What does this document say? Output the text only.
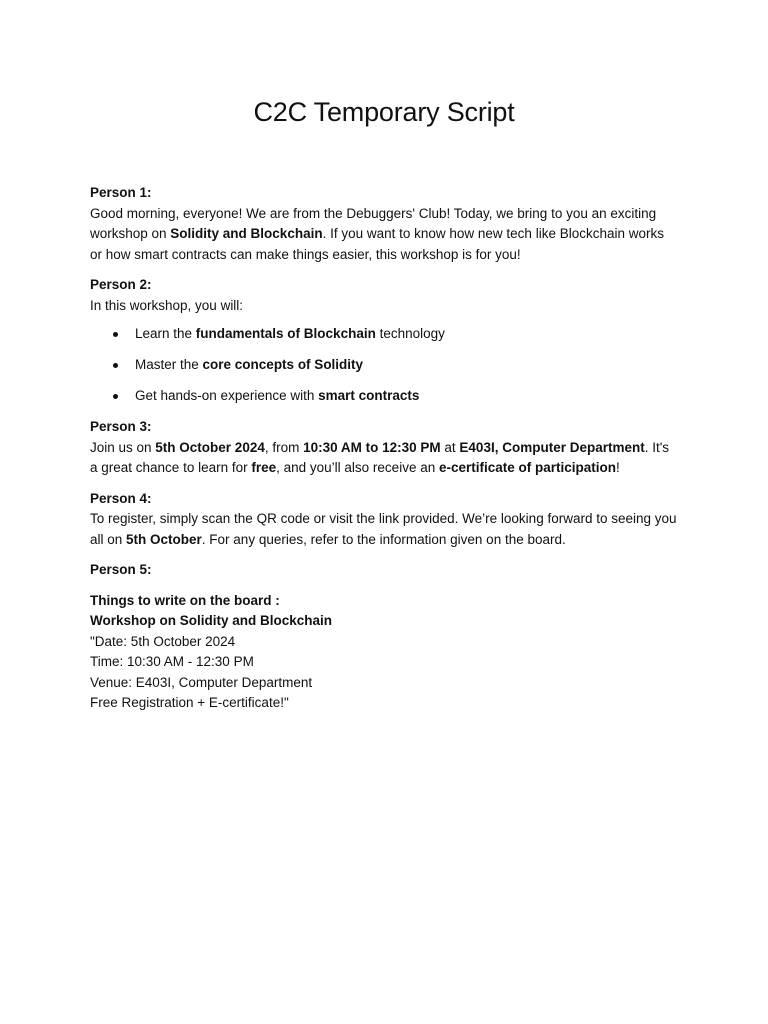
C2C Temporary Script
Person 1:
Good morning, everyone! We are from the Debuggers' Club! Today, we bring to you an exciting workshop on Solidity and Blockchain. If you want to know how new tech like Blockchain works or how smart contracts can make things easier, this workshop is for you!
Person 2:
In this workshop, you will:
Learn the fundamentals of Blockchain technology
Master the core concepts of Solidity
Get hands-on experience with smart contracts
Person 3:
Join us on 5th October 2024, from 10:30 AM to 12:30 PM at E403I, Computer Department. It's a great chance to learn for free, and you’ll also receive an e-certificate of participation!
Person 4:
To register, simply scan the QR code or visit the link provided. We’re looking forward to seeing you all on 5th October. For any queries, refer to the information given on the board.
Person 5:
Things to write on the board :
Workshop on Solidity and Blockchain
"Date: 5th October 2024
Time: 10:30 AM - 12:30 PM
Venue: E403I, Computer Department
Free Registration + E-certificate!"
